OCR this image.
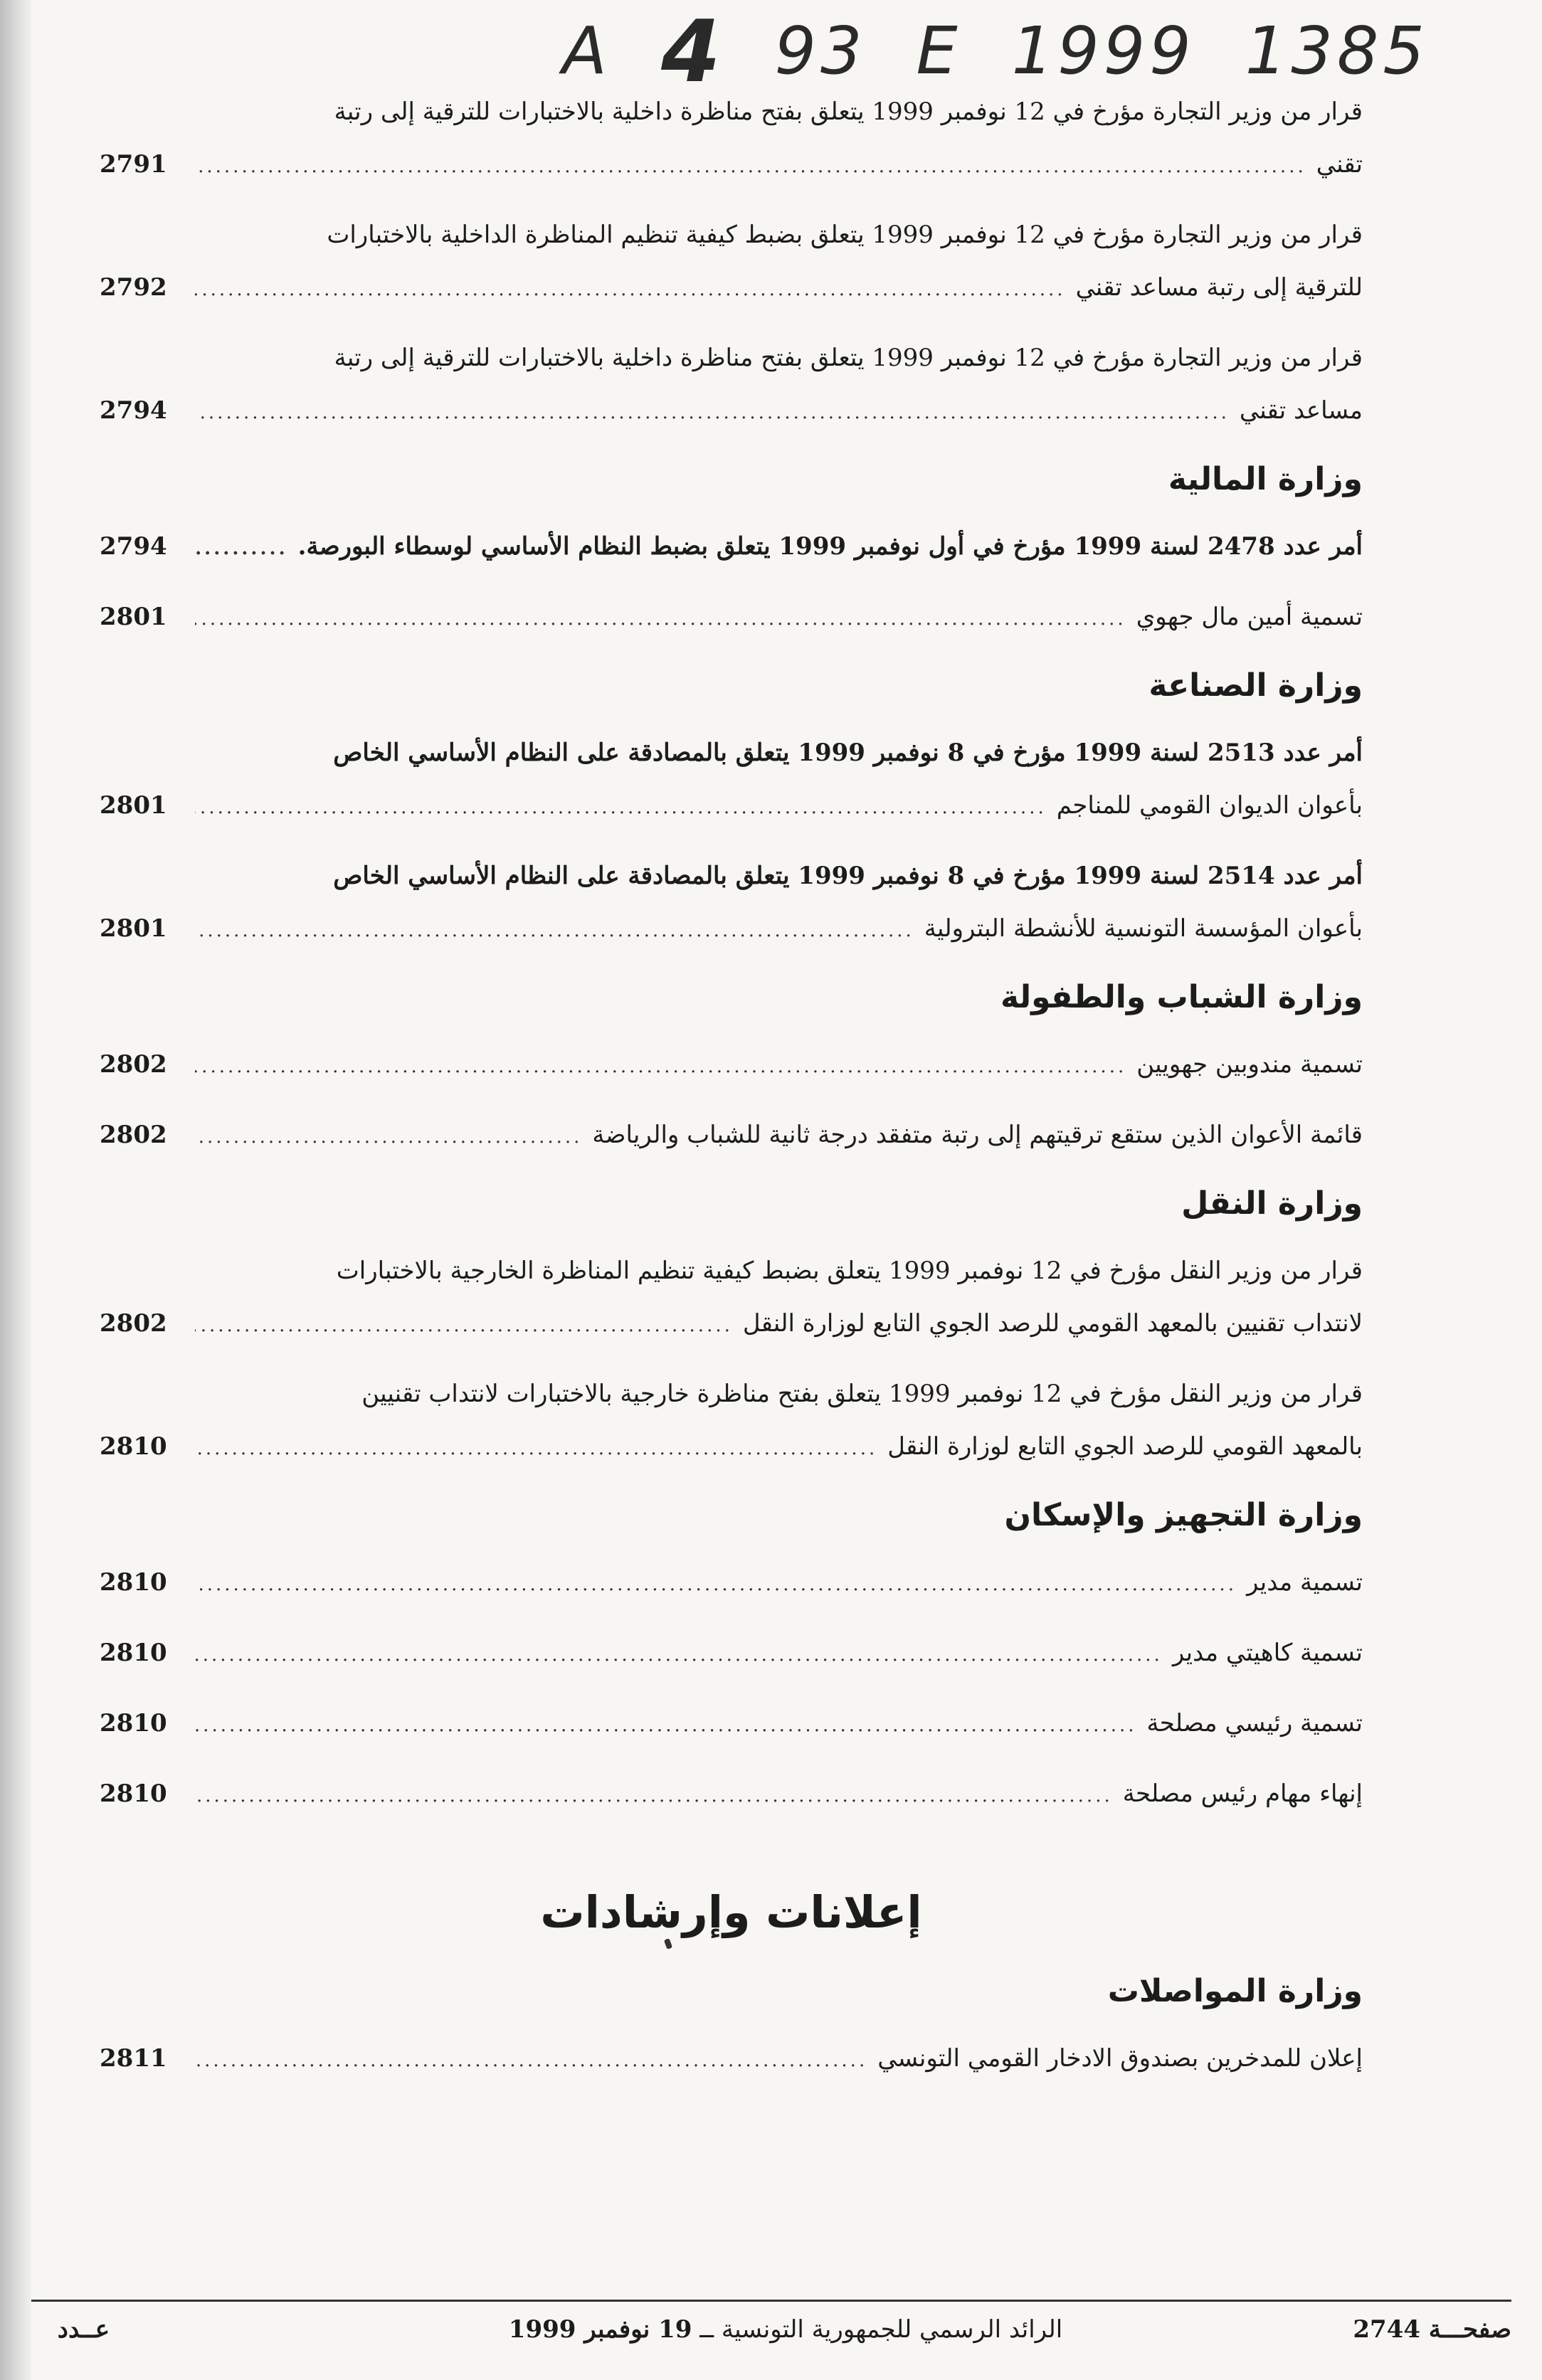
A 4 93 E 1999 1385
قرار من وزير التجارة مؤرخ في 12 نوفمبر 1999 يتعلق بفتح مناظرة داخلية بالاختبارات للترقية إلى رتبة
تقني
.....
2791
قرار من وزير التجارة مؤرخ في 12 نوفمبر 1999 يتعلق بضبط كيفية تنظيم المناظرة الداخلية بالاختبارات
للترقية إلى رتبة مساعد تقني
.....
2792
قرار من وزير التجارة مؤرخ في 12 نوفمبر 1999 يتعلق بفتح مناظرة داخلية بالاختبارات للترقية إلى رتبة
مساعد تقني
.....
2794
وزارة المالية
أمر عدد 2478 لسنة 1999 مؤرخ في أول نوفمبر 1999 يتعلق بضبط النظام الأساسي لوسطاء البورصة.
.....
2794
تسمية أمين مال جهوي
.....
2801
وزارة الصناعة
أمر عدد 2513 لسنة 1999 مؤرخ في 8 نوفمبر 1999 يتعلق بالمصادقة على النظام الأساسي الخاص
بأعوان الديوان القومي للمناجم
.....
2801
أمر عدد 2514 لسنة 1999 مؤرخ في 8 نوفمبر 1999 يتعلق بالمصادقة على النظام الأساسي الخاص
بأعوان المؤسسة التونسية للأنشطة البترولية
.....
2801
وزارة الشباب والطفولة
تسمية مندوبين جهويين
.....
2802
قائمة الأعوان الذين ستقع ترقيتهم إلى رتبة متفقد درجة ثانية للشباب والرياضة
.....
2802
وزارة النقل
قرار من وزير النقل مؤرخ في 12 نوفمبر 1999 يتعلق بضبط كيفية تنظيم المناظرة الخارجية بالاختبارات
لانتداب تقنيين بالمعهد القومي للرصد الجوي التابع لوزارة النقل
.....
2802
قرار من وزير النقل مؤرخ في 12 نوفمبر 1999 يتعلق بفتح مناظرة خارجية بالاختبارات لانتداب تقنيين
بالمعهد القومي للرصد الجوي التابع لوزارة النقل
.....
2810
وزارة التجهيز والإسكان
تسمية مدير
.....
2810
تسمية كاهيتي مدير
.....
2810
تسمية رئيسي مصلحة
.....
2810
إنهاء مهام رئيس مصلحة
.....
2810
إعلانات وإرشادات
وزارة المواصلات
إعلان للمدخرين بصندوق الادخار القومي التونسي
.....
2811
عــدد	الرائد الرسمي للجمهورية التونسية ــ 19 نوفمبر 1999	صفحـــة 2744
